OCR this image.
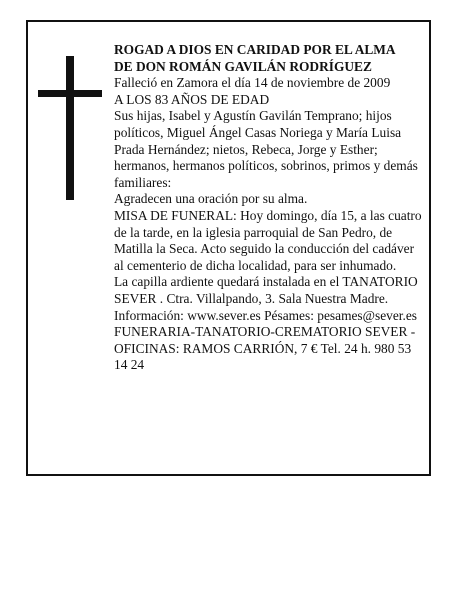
ROGAD A DIOS EN CARIDAD POR EL ALMA

DE DON ROMÁN GAVILÁN RODRÍGUEZ

Falleció en Zamora el día 14 de noviembre de 2009

A LOS 83 AÑOS DE EDAD

Sus hijas, Isabel y Agustín Gavilán Temprano; hijos políticos, Miguel Ángel Casas Noriega y María Luisa Prada Hernández; nietos, Rebeca, Jorge y Esther; hermanos, hermanos políticos, sobrinos, primos y demás familiares:

Agradecen una oración por su alma.

MISA DE FUNERAL: Hoy domingo, día 15, a las cuatro de la tarde, en la iglesia parroquial de San Pedro, de Matilla la Seca. Acto seguido la conducción del cadáver al cementerio de dicha localidad, para ser inhumado.

La capilla ardiente quedará instalada en el TANATORIO SEVER . Ctra. Villalpando, 3. Sala Nuestra Madre.

Información: www.sever.es Pésames: pesames@sever.es

FUNERARIA-TANATORIO-CREMATORIO SEVER - OFICINAS: RAMOS CARRIÓN, 7 € Tel. 24 h. 980 53 14 24
